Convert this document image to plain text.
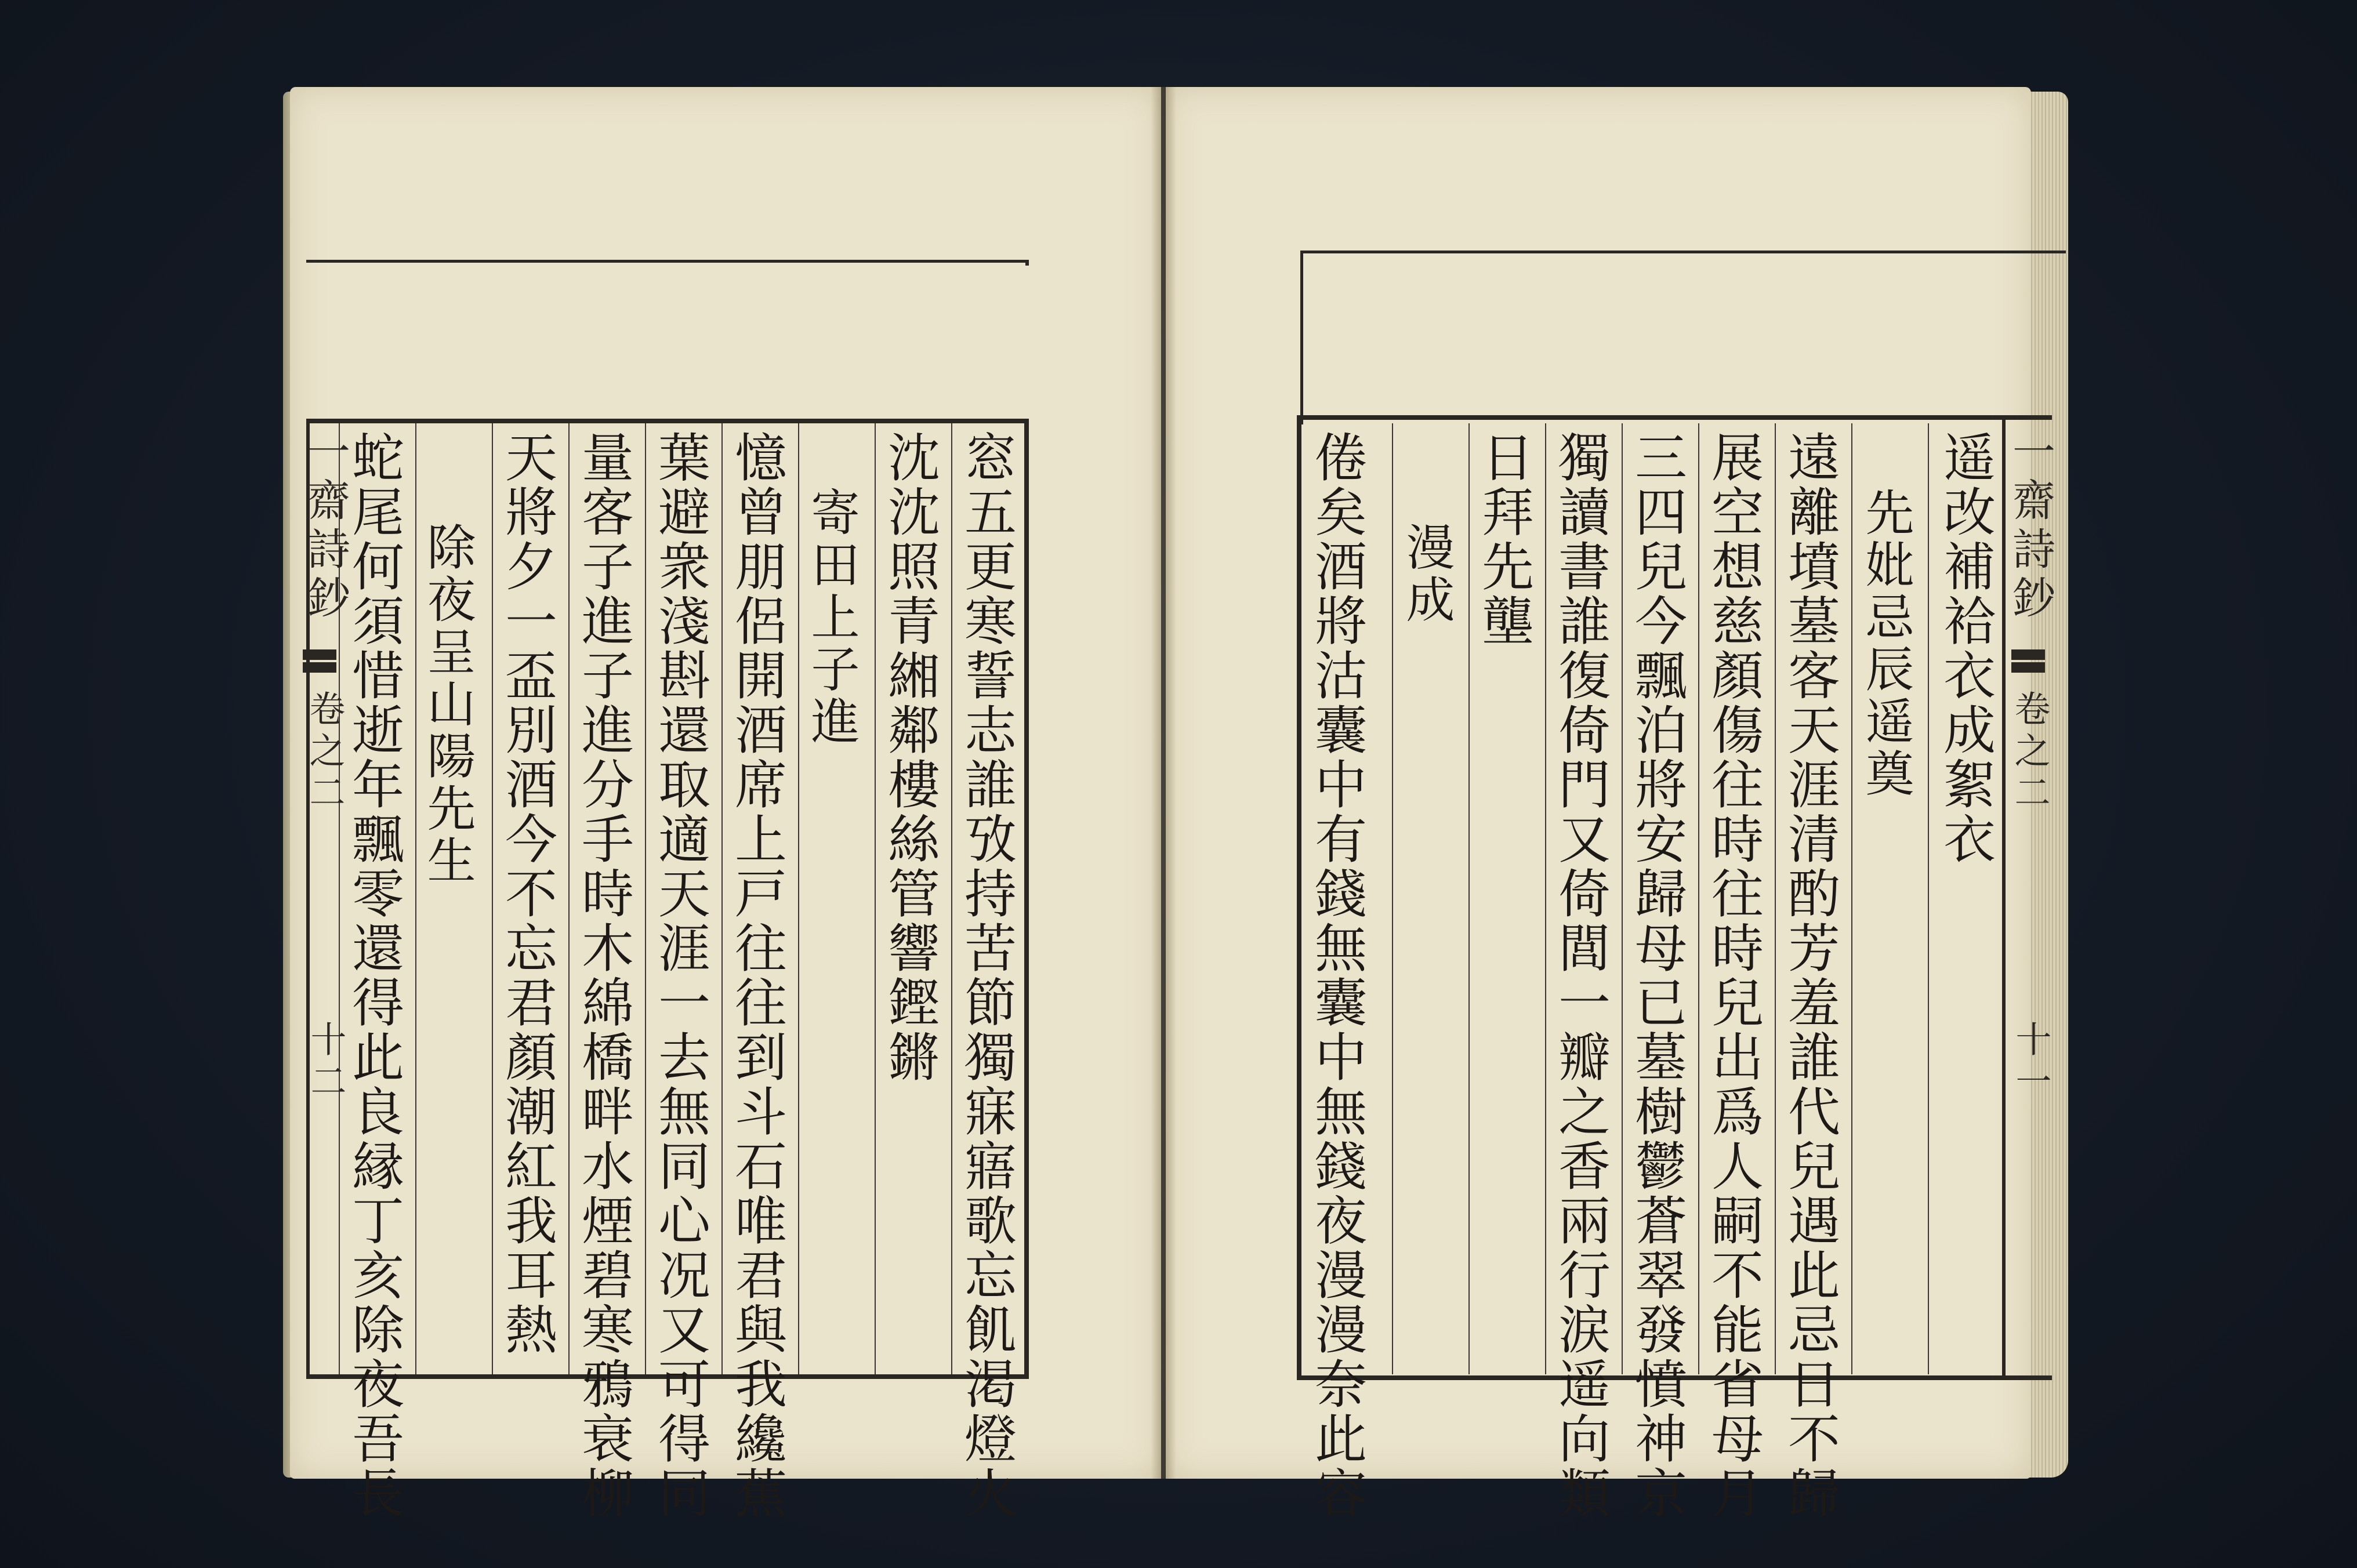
一齋詩鈔
卷之二
十二	窓五更寒誓志誰攷持苦節獨寐寤歌忘飢渇燈火
沈沈照青緗鄰樓絲管響鏗鏘
寄田上子進
憶曾朋侶開酒席上戸往往到斗石唯君與我纔蕉
葉避衆淺斟還取適天涯一去無同心况又可得同
量客子進子進分手時木綿橋畔水煙碧寒鴉衰柳
天將夕一盃別酒今不忘君顏潮紅我耳熱
除夜呈山陽先生
蛇尾何須惜逝年飄零還得此良縁丁亥除夜吾長	一齋詩鈔
卷之二
十一
遥改補袷衣成絮衣
先妣忌辰遥奠
遠離墳墓客天涯清酌芳羞誰代兒遇此忌日不歸
展空想慈顏傷往時往時兒出爲人嗣不能省母月
三四兒今飄泊將安歸母已墓樹鬱蒼翠發憤神京
獨讀書誰復倚門又倚閭一瓣之香兩行涙遥向類
日拜先壟
漫成
倦矣酒將沽囊中有錢無囊中無錢夜漫漫奈此容
